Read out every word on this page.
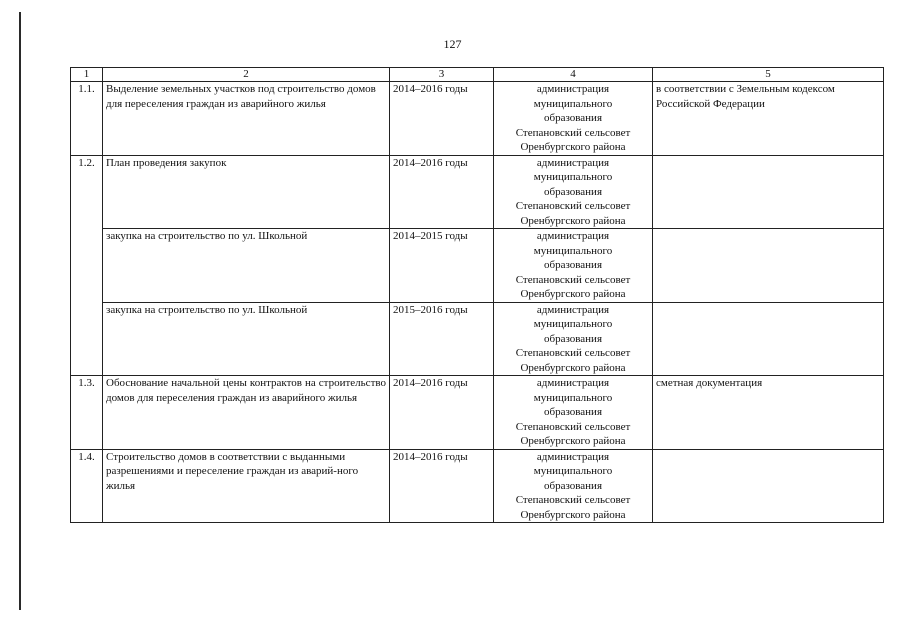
127
1	2	3	4	5
1.1.	Выделение земельных участков под строительство домов для переселения граждан из аварийного жилья	2014–2016 годы	администрация
муниципального
образования
Степановский сельсовет
Оренбургского района	в соответствии с Земельным кодексом Российской Федерации
1.2.	План проведения закупок	2014–2016 годы	администрация
муниципального
образования
Степановский сельсовет
Оренбургского района	

	закупка на строительство по ул. Школьной	2014–2015 годы	администрация
муниципального
образования
Степановский сельсовет
Оренбургского района	

	закупка на строительство по ул. Школьной	2015–2016 годы	администрация
муниципального
образования
Степановский сельсовет
Оренбургского района	

1.3.	Обоснование начальной цены контрактов на строительство домов для переселения граждан из аварийного жилья	2014–2016 годы	администрация
муниципального
образования
Степановский сельсовет
Оренбургского района	сметная документация
1.4.	Строительство домов в соответствии с выданными разрешениями и переселение граждан из аварий-ного жилья	2014–2016 годы	администрация
муниципального
образования
Степановский сельсовет
Оренбургского района	
